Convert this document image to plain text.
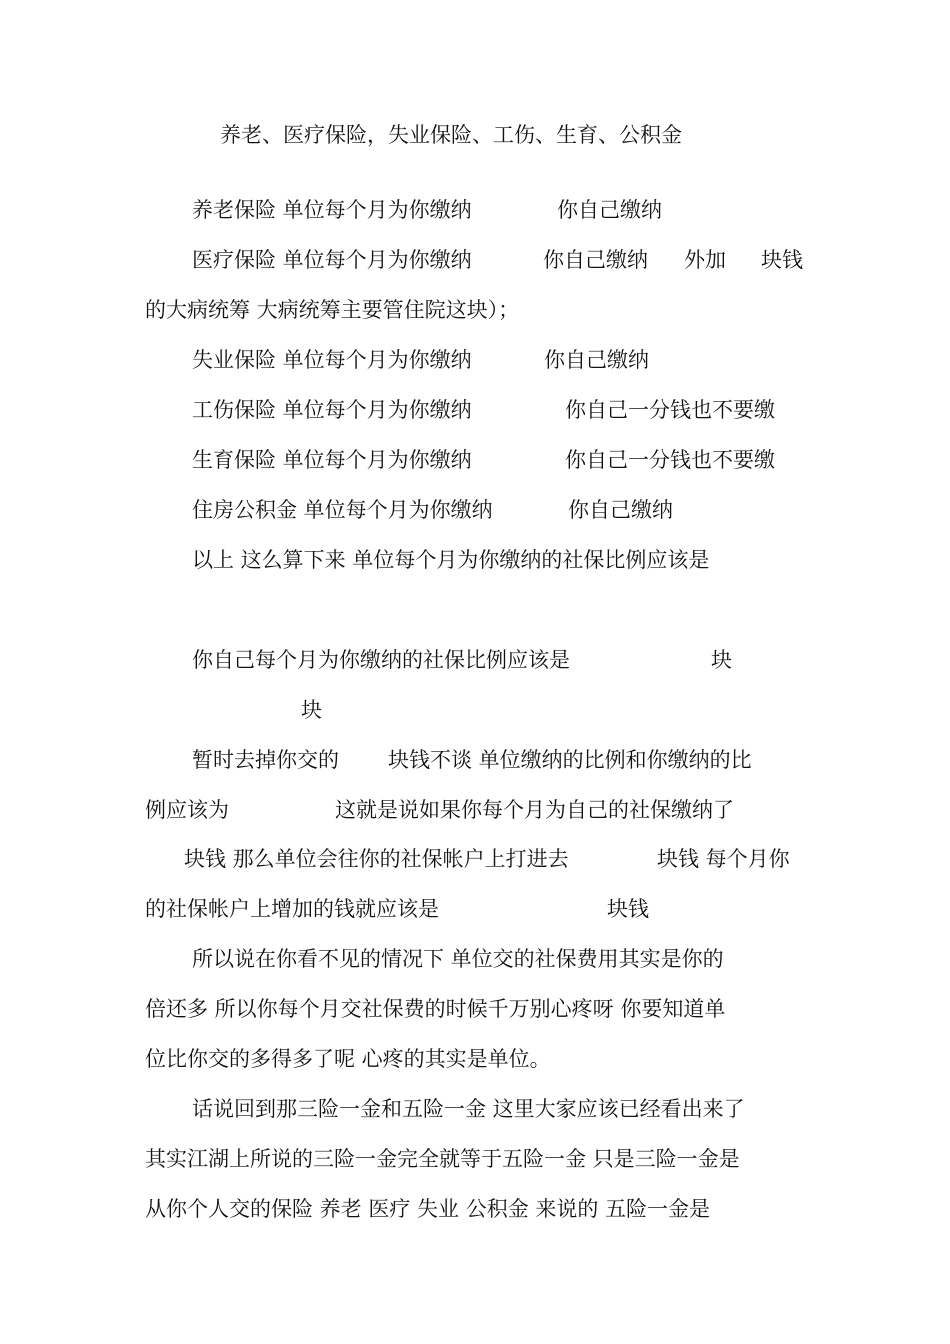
养老、医疗保险，失业保险、工伤、生育、公积金
养老保险 单位每个月为你缴纳	你自己缴纳
医疗保险 单位每个月为你缴纳	你自己缴纳 外加 块钱
的大病统筹 大病统筹主要管住院这块）；
失业保险 单位每个月为你缴纳	你自己缴纳
工伤保险 单位每个月为你缴纳	你自己一分钱也不要缴
生育保险 单位每个月为你缴纳	你自己一分钱也不要缴
住房公积金 单位每个月为你缴纳	你自己缴纳
以上 这么算下来 单位每个月为你缴纳的社保比例应该是
你自己每个月为你缴纳的社保比例应该是	块
块
暂时去掉你交的 块钱不谈 单位缴纳的比例和你缴纳的比
例应该为	这就是说如果你每个月为自己的社保缴纳了
块钱 那么单位会往你的社保帐户上打进去	块钱 每个月你
的社保帐户上增加的钱就应该是	块钱
所以说在你看不见的情况下 单位交的社保费用其实是你的
倍还多 所以你每个月交社保费的时候千万别心疼呀 你要知道单
位比你交的多得多了呢 心疼的其实是单位。
话说回到那三险一金和五险一金 这里大家应该已经看出来了
其实江湖上所说的三险一金完全就等于五险一金 只是三险一金是
从你个人交的保险 养老 医疗 失业 公积金 来说的 五险一金是
